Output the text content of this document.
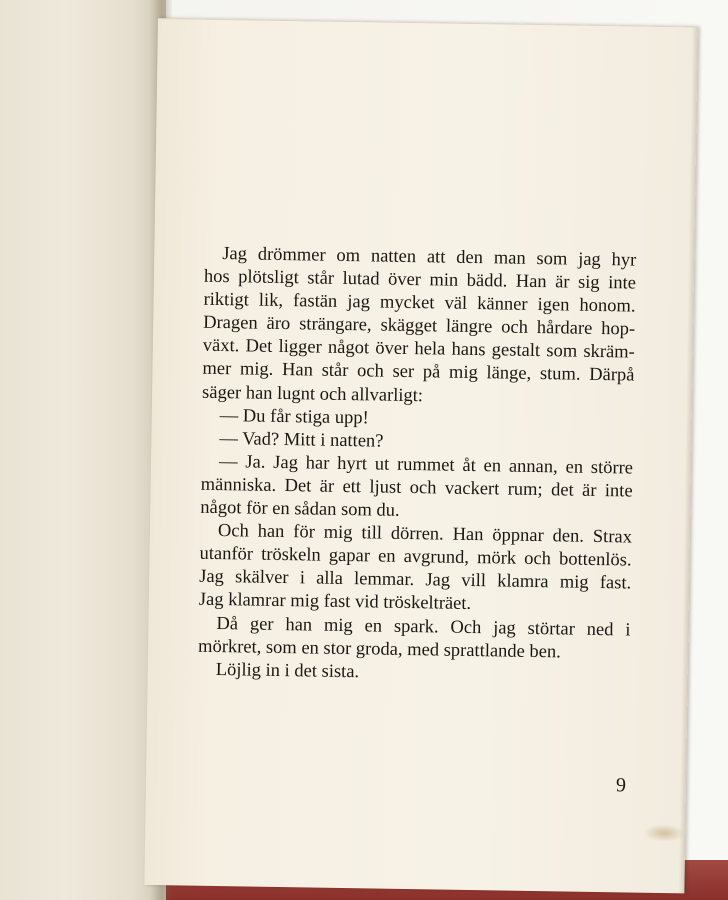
Jag drömmer om natten att den man som jag hyr
hos plötsligt står lutad över min bädd. Han är sig inte
riktigt lik, fastän jag mycket väl känner igen honom.
Dragen äro strängare, skägget längre och hårdare hop-
växt. Det ligger något över hela hans gestalt som skräm-
mer mig. Han står och ser på mig länge, stum. Därpå
säger han lugnt och allvarligt:
— Du får stiga upp!
— Vad? Mitt i natten?
— Ja. Jag har hyrt ut rummet åt en annan, en större
människa. Det är ett ljust och vackert rum; det är inte
något för en sådan som du.
Och han för mig till dörren. Han öppnar den. Strax
utanför tröskeln gapar en avgrund, mörk och bottenlös.
Jag skälver i alla lemmar. Jag vill klamra mig fast.
Jag klamrar mig fast vid tröskelträet.
Då ger han mig en spark. Och jag störtar ned i
mörkret, som en stor groda, med sprattlande ben.
Löjlig in i det sista.
9
